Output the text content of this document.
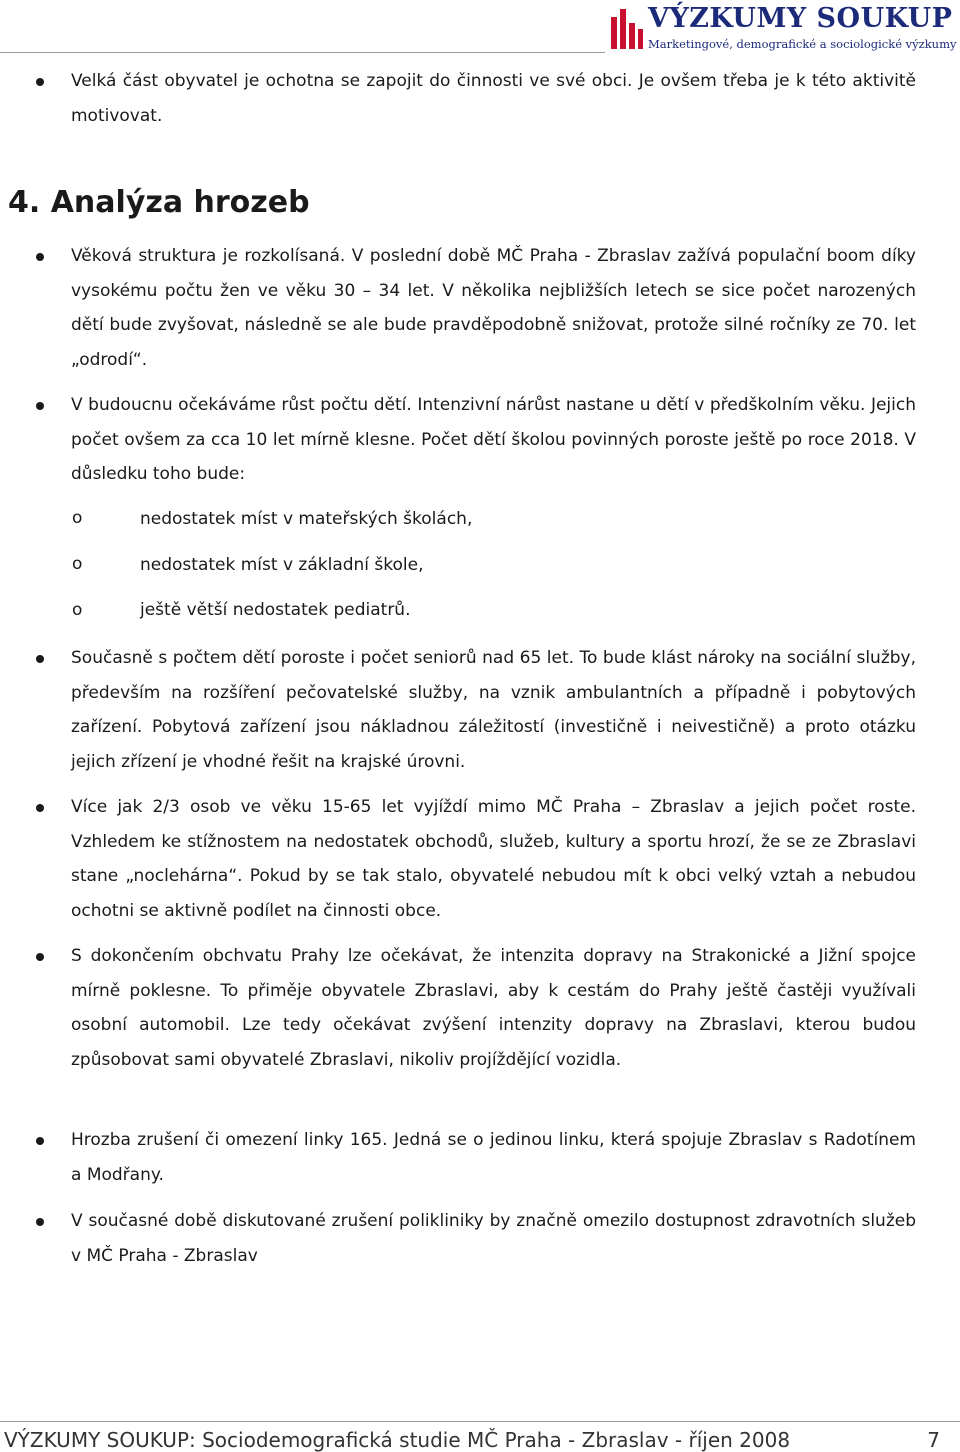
VÝZKUMY SOUKUP
Marketingové, demografické a sociologické výzkumy

Velká část obyvatel je ochotna se zapojit do činnosti ve své obci. Je ovšem třeba je k této aktivitě motivovat.

4. Analýza hrozeb

Věková struktura je rozkolísaná. V poslední době MČ Praha - Zbraslav zažívá populační boom díky vysokému počtu žen ve věku 30 – 34 let. V několika nejbližších letech se sice počet narozených dětí bude zvyšovat, následně se ale bude pravděpodobně snižovat, protože silné ročníky ze 70. let „odrodí“.

V budoucnu očekáváme růst počtu dětí. Intenzivní nárůst nastane u dětí v předškolním věku. Jejich počet ovšem za cca 10 let mírně klesne. Počet dětí školou povinných poroste ještě po roce 2018. V důsledku toho bude:

o	nedostatek míst v mateřských školách,
o	nedostatek míst v základní škole,
o	ještě větší nedostatek pediatrů.

Současně s počtem dětí poroste i počet seniorů nad 65 let. To bude klást nároky na sociální služby, především na rozšíření pečovatelské služby, na vznik ambulantních a případně i pobytových zařízení. Pobytová zařízení jsou nákladnou záležitostí (investičně i neivestičně) a proto otázku jejich zřízení je vhodné řešit na krajské úrovni.

Více jak 2/3 osob ve věku 15-65 let vyjíždí mimo MČ Praha – Zbraslav a jejich počet roste. Vzhledem ke stížnostem na nedostatek obchodů, služeb, kultury a sportu hrozí, že se ze Zbraslavi stane „noclehárna“. Pokud by se tak stalo, obyvatelé nebudou mít k obci velký vztah a nebudou ochotni se aktivně podílet na činnosti obce.

S dokončením obchvatu Prahy lze očekávat, že intenzita dopravy na Strakonické a Jižní spojce mírně poklesne. To přiměje obyvatele Zbraslavi, aby k cestám do Prahy ještě častěji využívali osobní automobil. Lze tedy očekávat zvýšení intenzity dopravy na Zbraslavi, kterou budou způsobovat sami obyvatelé Zbraslavi, nikoliv projíždějící vozidla.

Hrozba zrušení či omezení linky 165. Jedná se o jedinou linku, která spojuje Zbraslav s Radotínem a Modřany.

V současné době diskutované zrušení polikliniky by značně omezilo dostupnost zdravotních služeb v MČ Praha - Zbraslav

VÝZKUMY SOUKUP: Sociodemografická studie MČ Praha - Zbraslav - říjen 2008	7
